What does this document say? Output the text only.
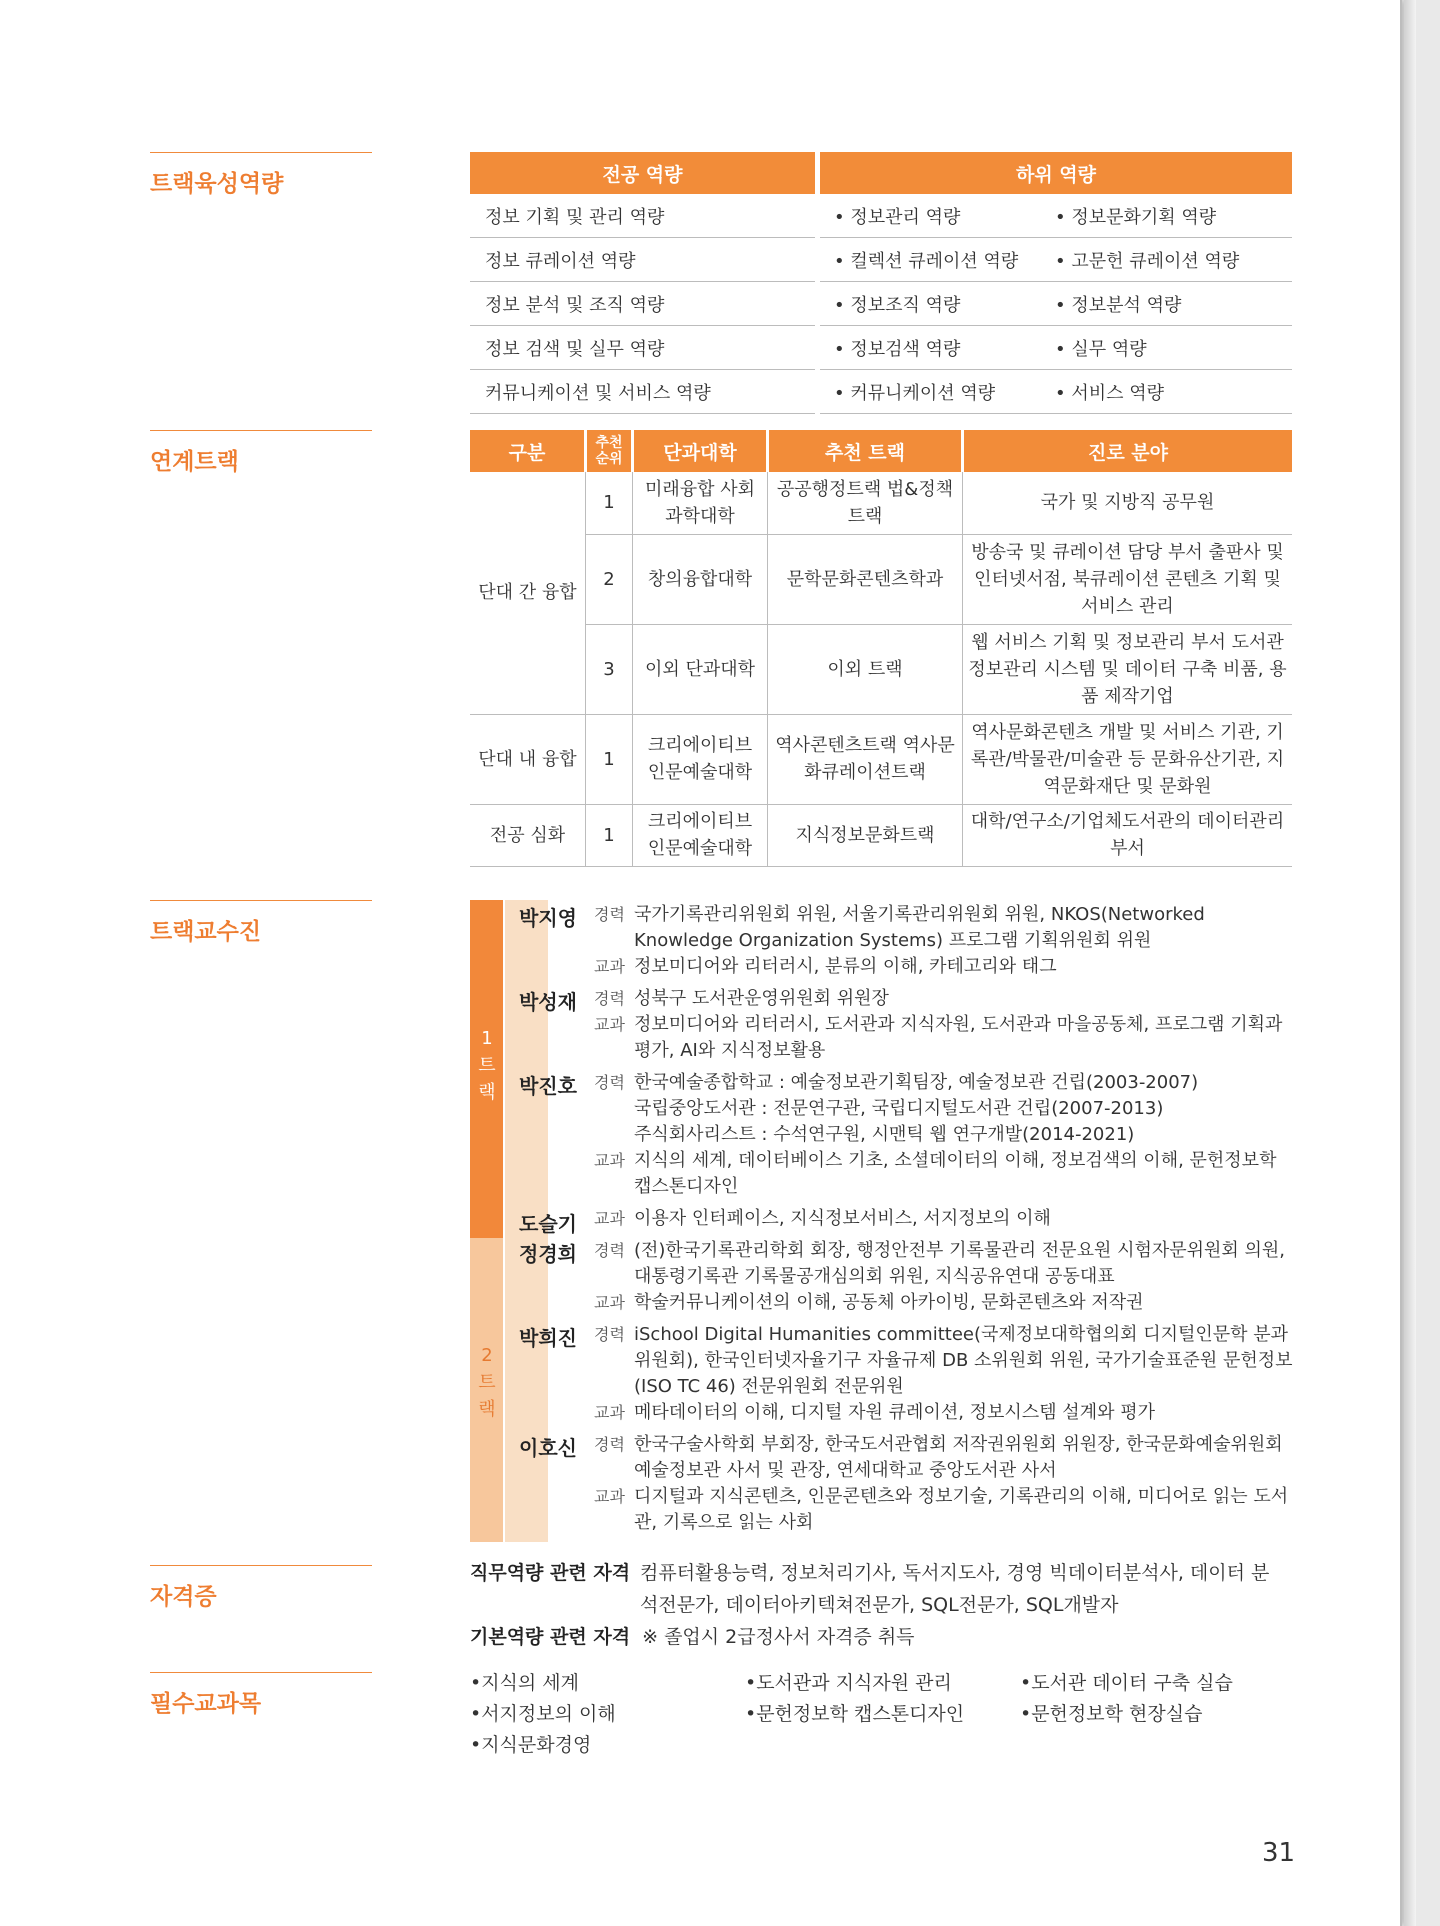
트랙육성역량	전공 역량	하위 역량	
정보 기획 및 관리 역량	• 정보관리 역량	• 정보문화기획 역량
정보 큐레이션 역량	• 컬렉션 큐레이션 역량	• 고문헌 큐레이션 역량
정보 분석 및 조직 역량	• 정보조직 역량	• 정보분석 역량
정보 검색 및 실무 역량	• 정보검색 역량	• 실무 역량
커뮤니케이션 및 서비스 역량	• 커뮤니케이션 역량	• 서비스 역량
연계트랙	구분	추천 순위	단과대학	추천 트랙	진로 분야
단대 간 융합	1	미래융합 사회과학대학	공공행정트랙 법&정책트랙	국가 및 지방직 공무원
	2	창의융합대학	문학문화콘텐츠학과	방송국 및 큐레이션 담당 부서 출판사 및 인터넷서점, 북큐레이션 콘텐츠 기획 및 서비스 관리
	3	이외 단과대학	이외 트랙	웹 서비스 기획 및 정보관리 부서 도서관 정보관리 시스템 및 데이터 구축 비품, 용품 제작기업
단대 내 융합	1	크리에이티브 인문예술대학	역사콘텐츠트랙 역사문화큐레이션트랙	역사문화콘텐츠 개발 및 서비스 기관, 기록관/박물관/미술관 등 문화유산기관, 지역문화재단 및 문화원
전공 심화	1	크리에이티브 인문예술대학	지식정보문화트랙	대학/연구소/기업체도서관의 데이터관리부서
트랙교수진
1 트 랙
2 트 랙
박지영	경력 국가기록관리위원회 위원, 서울기록관리위원회 위원, NKOS(Networked Knowledge Organization Systems) 프로그램 기획위원회 위원
교과 정보미디어와 리터러시, 분류의 이해, 카테고리와 태그
박성재	경력 성북구 도서관운영위원회 위원장
교과 정보미디어와 리터러시, 도서관과 지식자원, 도서관과 마을공동체, 프로그램 기획과 평가, AI와 지식정보활용
박진호	경력 한국예술종합학교 : 예술정보관기획팀장, 예술정보관 건립(2003-2007)
국립중앙도서관 : 전문연구관, 국립디지털도서관 건립(2007-2013)
주식회사리스트 : 수석연구원, 시맨틱 웹 연구개발(2014-2021)
교과 지식의 세계, 데이터베이스 기초, 소셜데이터의 이해, 정보검색의 이해, 문헌정보학 캡스톤디자인
도슬기	교과 이용자 인터페이스, 지식정보서비스, 서지정보의 이해
정경희	경력 (전)한국기록관리학회 회장, 행정안전부 기록물관리 전문요원 시험자문위원회 의원, 대통령기록관 기록물공개심의회 위원, 지식공유연대 공동대표
교과 학술커뮤니케이션의 이해, 공동체 아카이빙, 문화콘텐츠와 저작권
박희진	경력 iSchool Digital Humanities committee(국제정보대학협의회 디지털인문학 분과위원회), 한국인터넷자율기구 자율규제 DB 소위원회 위원, 국가기술표준원 문헌정보(ISO TC 46) 전문위원회 전문위원
교과 메타데이터의 이해, 디지털 자원 큐레이션, 정보시스템 설계와 평가
이호신	경력 한국구술사학회 부회장, 한국도서관협회 저작권위원회 위원장, 한국문화예술위원회 예술정보관 사서 및 관장, 연세대학교 중앙도서관 사서
교과 디지털과 지식콘텐츠, 인문콘텐츠와 정보기술, 기록관리의 이해, 미디어로 읽는 도서관, 기록으로 읽는 사회
자격증
직무역량 관련 자격 컴퓨터활용능력, 정보처리기사, 독서지도사, 경영 빅데이터분석사, 데이터 분석전문가, 데이터아키텍쳐전문가, SQL전문가, SQL개발자
기본역량 관련 자격 ※ 졸업시 2급정사서 자격증 취득
필수교과목
•지식의 세계	•도서관과 지식자원 관리	•도서관 데이터 구축 실습
•서지정보의 이해	•문헌정보학 캡스톤디자인	•문헌정보학 현장실습
•지식문화경영
31
